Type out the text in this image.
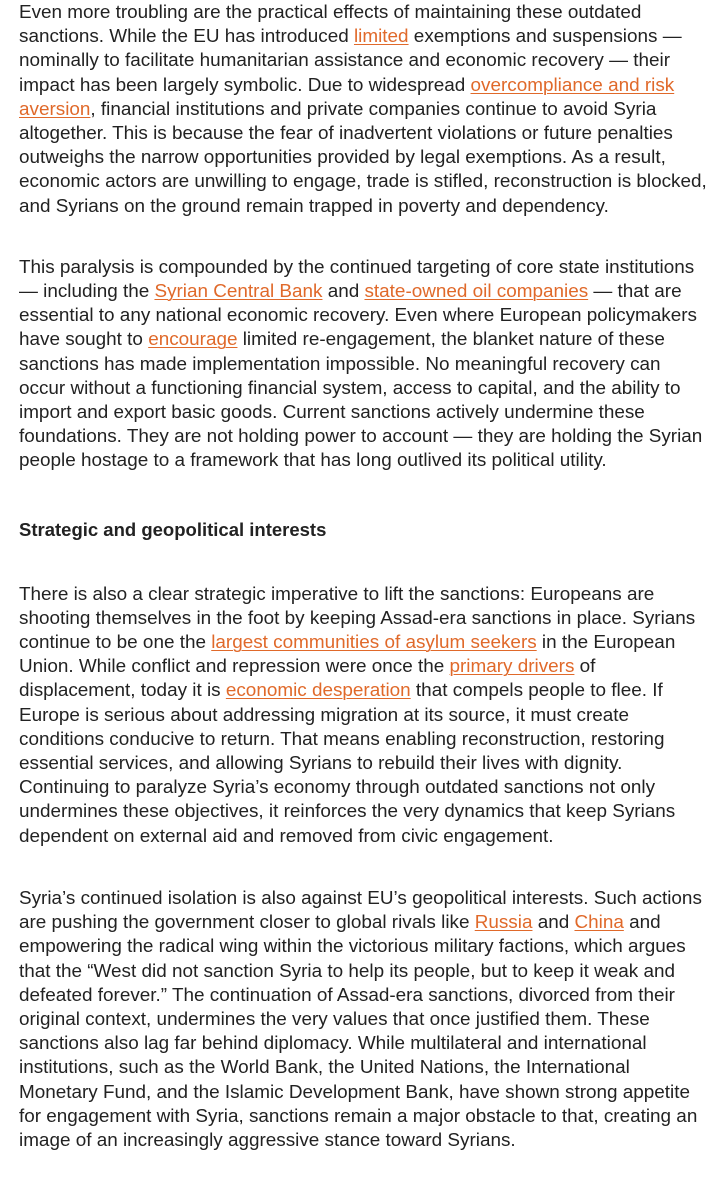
Even more troubling are the practical effects of maintaining these outdated
sanctions. While the EU has introduced limited exemptions and suspensions —
nominally to facilitate humanitarian assistance and economic recovery — their
impact has been largely symbolic. Due to widespread overcompliance and risk
aversion, financial institutions and private companies continue to avoid Syria
altogether. This is because the fear of inadvertent violations or future penalties
outweighs the narrow opportunities provided by legal exemptions. As a result,
economic actors are unwilling to engage, trade is stifled, reconstruction is blocked,
and Syrians on the ground remain trapped in poverty and dependency.

This paralysis is compounded by the continued targeting of core state institutions
— including the Syrian Central Bank and state-owned oil companies — that are
essential to any national economic recovery. Even where European policymakers
have sought to encourage limited re-engagement, the blanket nature of these
sanctions has made implementation impossible. No meaningful recovery can
occur without a functioning financial system, access to capital, and the ability to
import and export basic goods. Current sanctions actively undermine these
foundations. They are not holding power to account — they are holding the Syrian
people hostage to a framework that has long outlived its political utility.

Strategic and geopolitical interests

There is also a clear strategic imperative to lift the sanctions: Europeans are
shooting themselves in the foot by keeping Assad-era sanctions in place. Syrians
continue to be one the largest communities of asylum seekers in the European
Union. While conflict and repression were once the primary drivers of
displacement, today it is economic desperation that compels people to flee. If
Europe is serious about addressing migration at its source, it must create
conditions conducive to return. That means enabling reconstruction, restoring
essential services, and allowing Syrians to rebuild their lives with dignity.
Continuing to paralyze Syria’s economy through outdated sanctions not only
undermines these objectives, it reinforces the very dynamics that keep Syrians
dependent on external aid and removed from civic engagement.

Syria’s continued isolation is also against EU’s geopolitical interests. Such actions
are pushing the government closer to global rivals like Russia and China and
empowering the radical wing within the victorious military factions, which argues
that the “West did not sanction Syria to help its people, but to keep it weak and
defeated forever.” The continuation of Assad-era sanctions, divorced from their
original context, undermines the very values that once justified them. These
sanctions also lag far behind diplomacy. While multilateral and international
institutions, such as the World Bank, the United Nations, the International
Monetary Fund, and the Islamic Development Bank, have shown strong appetite
for engagement with Syria, sanctions remain a major obstacle to that, creating an
image of an increasingly aggressive stance toward Syrians.
